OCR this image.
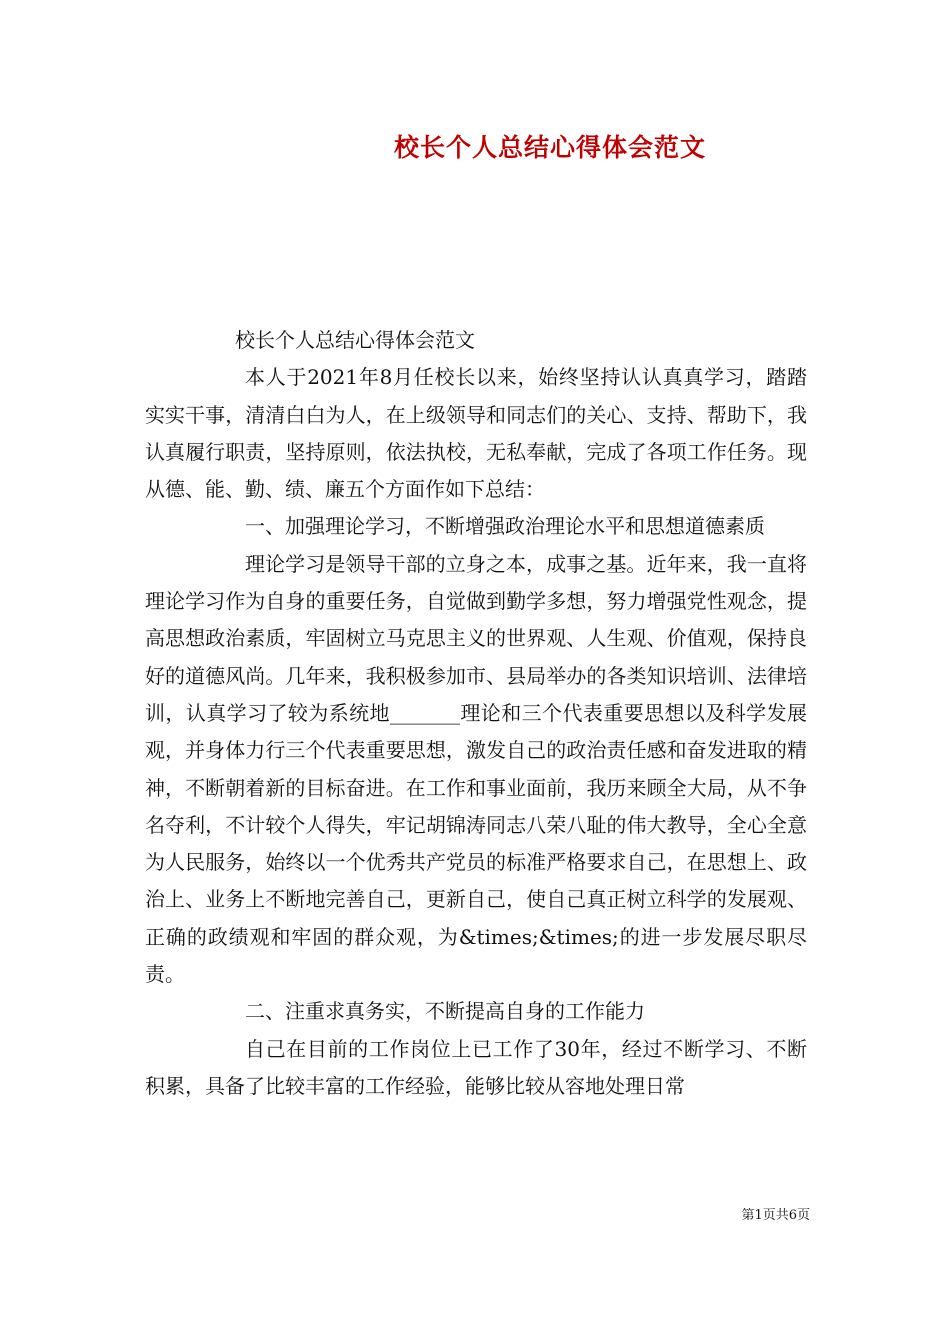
校长个人总结心得体会范文

校长个人总结心得体会范文

本人于2021年8月任校长以来，始终坚持认认真真学习，踏踏实实干事，清清白白为人，在上级领导和同志们的关心、支持、帮助下，我认真履行职责，坚持原则，依法执校，无私奉献，完成了各项工作任务。现从德、能、勤、绩、廉五个方面作如下总结：

一、加强理论学习，不断增强政治理论水平和思想道德素质

理论学习是领导干部的立身之本，成事之基。近年来，我一直将理论学习作为自身的重要任务，自觉做到勤学多想，努力增强党性观念，提高思想政治素质，牢固树立马克思主义的世界观、人生观、价值观，保持良好的道德风尚。几年来，我积极参加市、县局举办的各类知识培训、法律培训，认真学习了较为系统地_______理论和三个代表重要思想以及科学发展观，并身体力行三个代表重要思想，激发自己的政治责任感和奋发进取的精神，不断朝着新的目标奋进。在工作和事业面前，我历来顾全大局，从不争名夺利，不计较个人得失，牢记胡锦涛同志八荣八耻的伟大教导，全心全意为人民服务，始终以一个优秀共产党员的标准严格要求自己，在思想上、政治上、业务上不断地完善自己，更新自己，使自己真正树立科学的发展观、正确的政绩观和牢固的群众观，为&times;&times;的进一步发展尽职尽责。

二、注重求真务实，不断提高自身的工作能力

自己在目前的工作岗位上已工作了30年，经过不断学习、不断积累，具备了比较丰富的工作经验，能够比较从容地处理日常

第1页共6页
